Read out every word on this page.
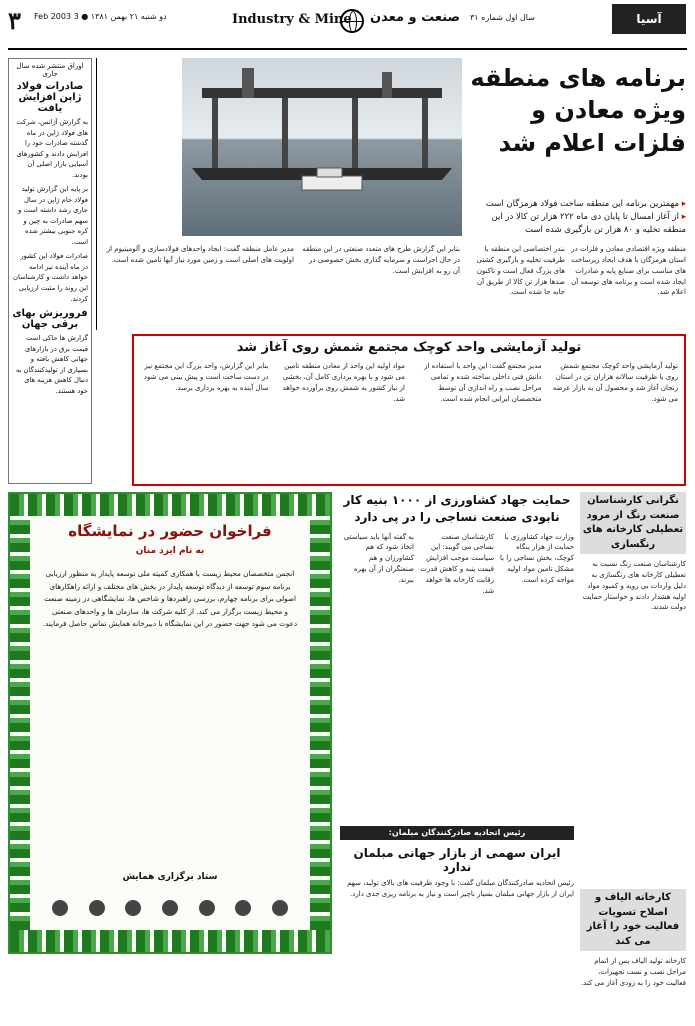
۳ دو شنبه ۲۱ بهمن ۱۳۸۱ ● 3 Feb 2003	Industry & Mine صنعت و معدن سال اول شماره ۳۱	آسیا
برنامه های منطقه ویژه معادن و فلزات اعلام شد
▸ مهمترین برنامه این منطقه ساخت فولاد هرمزگان است
▸ از آغاز امسال تا پایان دی ماه ۲۲۲ هزار تن کالا در این منطقه تخلیه و ۸۰ هزار تن بارگیری شده است
اوراق منتشر شده سال جاری
صادرات فولاد ژاپن افزایش یافت
به گزارش آژانس، شرکت های فولاد ژاپن در ماه گذشته صادرات خود را افزایش دادند و کشورهای آسیایی بازار اصلی آن بودند.
بر پایه این گزارش تولید فولاد خام ژاپن در سال جاری رشد داشته است و سهم صادرات به چین و کره جنوبی بیشتر شده است.
صادرات فولاد این کشور در ماه آینده نیز ادامه خواهد داشت و کارشناسان این روند را مثبت ارزیابی کردند.
فروریزش بهای برقی جهان
گزارش ها حاکی است قیمت برق در بازارهای جهانی کاهش یافته و بسیاری از تولیدکنندگان به دنبال کاهش هزینه های خود هستند.
منطقه ویژه اقتصادی معادن و فلزات در استان هرمزگان با هدف ایجاد زیرساخت های مناسب برای صنایع پایه و صادرات ایجاد شده است و برنامه های توسعه آن اعلام شد.
بندر اختصاصی این منطقه با ظرفیت تخلیه و بارگیری کشتی های بزرگ فعال است و تاکنون صدها هزار تن کالا از طریق آن جابه جا شده است.
بنابر این گزارش طرح های متعدد صنعتی در این منطقه در حال اجراست و سرمایه گذاری بخش خصوصی در آن رو به افزایش است.
مدیر عامل منطقه گفت: ایجاد واحدهای فولادسازی و آلومینیوم از اولویت های اصلی است و زمین مورد نیاز آنها تامین شده است.
تولید آزمایشی واحد کوچک مجتمع شمش روی آغاز شد
تولید آزمایشی واحد کوچک مجتمع شمش روی با ظرفیت سالانه هزاران تن در استان زنجان آغاز شد و محصول آن به بازار عرضه می شود.
مدیر مجتمع گفت: این واحد با استفاده از دانش فنی داخلی ساخته شده و تمامی مراحل نصب و راه اندازی آن توسط متخصصان ایرانی انجام شده است.
مواد اولیه این واحد از معادن منطقه تامین می شود و با بهره برداری کامل آن، بخشی از نیاز کشور به شمش روی برآورده خواهد شد.
بنابر این گزارش، واحد بزرگ این مجتمع نیز در دست ساخت است و پیش بینی می شود سال آینده به بهره برداری برسد.
فراخوان حضور در نمایشگاه
به نام ایزد منان
انجمن متخصصان محیط زیست با همکاری کمیته ملی توسعه پایدار به منظور ارزیابی برنامه سوم توسعه از دیدگاه توسعه پایدار در بخش های مختلف و ارائه راهکارهای اصولی برای برنامه چهارم، بررسی راهبردها و شاخص ها، نمایشگاهی در زمینه صنعت و محیط زیست برگزار می کند. از کلیه شرکت ها، سازمان ها و واحدهای صنعتی دعوت می شود جهت حضور در این نمایشگاه با دبیرخانه همایش تماس حاصل فرمایند.
ستاد برگزاری همایش
حمایت جهاد کشاورزی از ۱۰۰۰ بنیه کار نابودی صنعت نساجی را در پی دارد
وزارت جهاد کشاورزی با حمایت از هزار بنگاه کوچک، بخش نساجی را با مشکل تامین مواد اولیه مواجه کرده است.
کارشناسان صنعت نساجی می گویند: این سیاست موجب افزایش قیمت پنبه و کاهش قدرت رقابت کارخانه ها خواهد شد.
به گفته آنها باید سیاستی اتخاذ شود که هم کشاورزان و هم صنعتگران از آن بهره ببرند.
رئیس اتحادیه صادرکنندگان مبلمان:
ایران سهمی از بازار جهانی مبلمان ندارد
رئیس اتحادیه صادرکنندگان مبلمان گفت: با وجود ظرفیت های بالای تولید، سهم ایران از بازار جهانی مبلمان بسیار ناچیز است و نیاز به برنامه ریزی جدی دارد.
نگرانی کارشناسان صنعت رنگ از مرود تعطیلی کارخانه های رنگسازی
کارشناسان صنعت رنگ نسبت به تعطیلی کارخانه های رنگسازی به دلیل واردات بی رویه و کمبود مواد اولیه هشدار دادند و خواستار حمایت دولت شدند.
کارخانه الیاف و اصلاح تسویات فعالیت خود را آغاز می کند
کارخانه تولید الیاف پس از اتمام مراحل نصب و تست تجهیزات، فعالیت خود را به زودی آغاز می کند.
